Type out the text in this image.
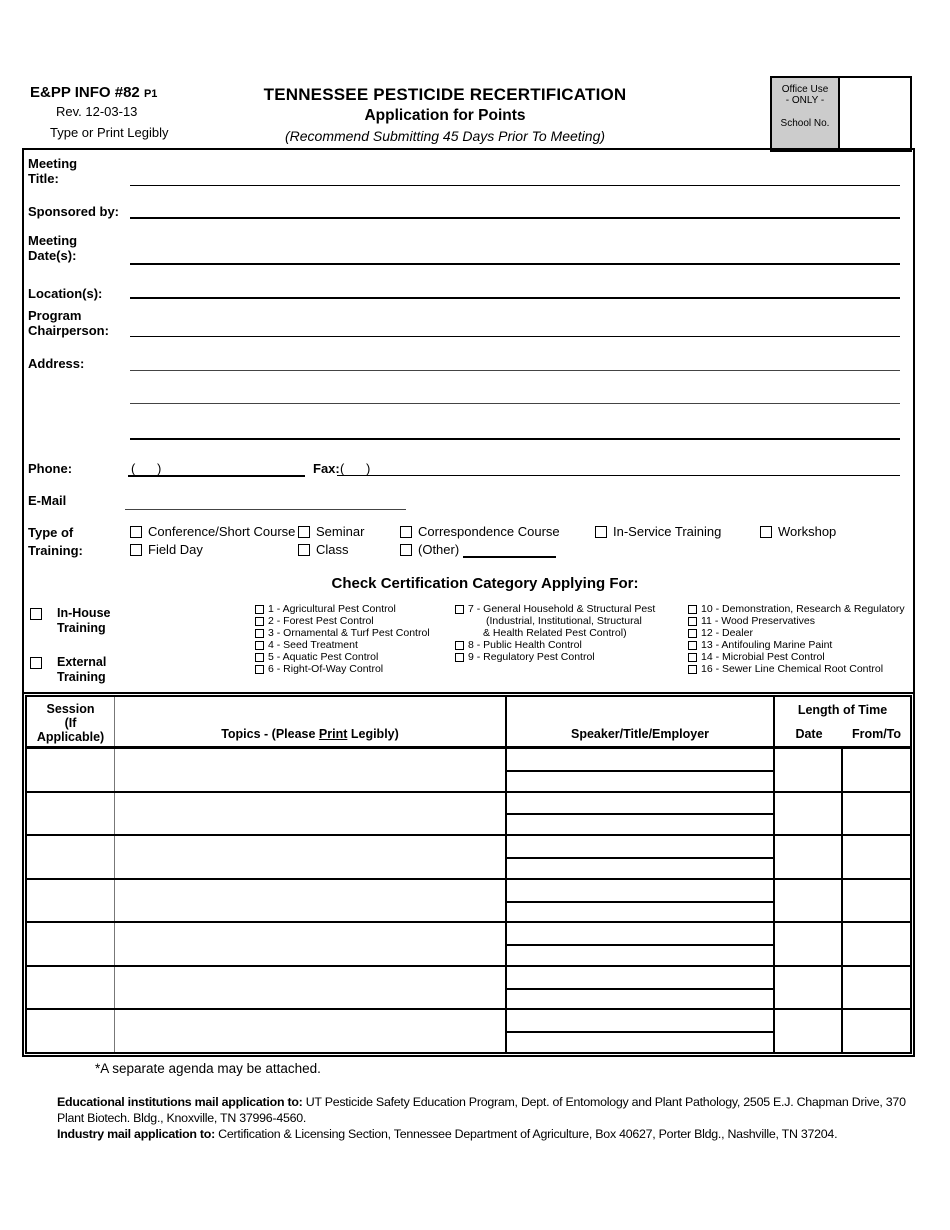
E&PP INFO #82 P1
Rev. 12-03-13
Type or Print Legibly
TENNESSEE PESTICIDE RECERTIFICATION
Application for Points
(Recommend Submitting 45 Days Prior To Meeting)
Office Use
- ONLY -
School No.
Meeting
Title:
Sponsored by:
Meeting
Date(s):
Location(s):
Program
Chairperson:
Address:
Phone:	(      )	Fax: (      )
E-Mail
Type of
Training:
Conference/Short Course Seminar	Correspondence Course	In-Service Training	Workshop
Field Day	Class	(Other)
Check Certification Category Applying For:
In-House
Training
External
Training
1 - Agricultural Pest Control
2 - Forest Pest Control
3 - Ornamental & Turf Pest Control
4 - Seed Treatment
5 - Aquatic Pest Control
6 - Right-Of-Way Control
7 - General Household & Structural Pest
(Industrial, Institutional, Structural
& Health Related Pest Control)
8 - Public Health Control
9 - Regulatory Pest Control
10 - Demonstration, Research & Regulatory
11 - Wood Preservatives
12 - Dealer
13 - Antifouling Marine Paint
14 - Microbial Pest Control
16 - Sewer Line Chemical Root Control
Session
(If
Applicable)	Topics - (Please Print Legibly)	Speaker/Title/Employer
Length of Time
Date	From/To
*A separate agenda may be attached.
Educational institutions mail application to: UT Pesticide Safety Education Program, Dept. of Entomology and Plant Pathology, 2505 E.J. Chapman Drive, 370 Plant Biotech. Bldg., Knoxville, TN 37996-4560.
Industry mail application to: Certification & Licensing Section, Tennessee Department of Agriculture, Box 40627, Porter Bldg., Nashville, TN 37204.
